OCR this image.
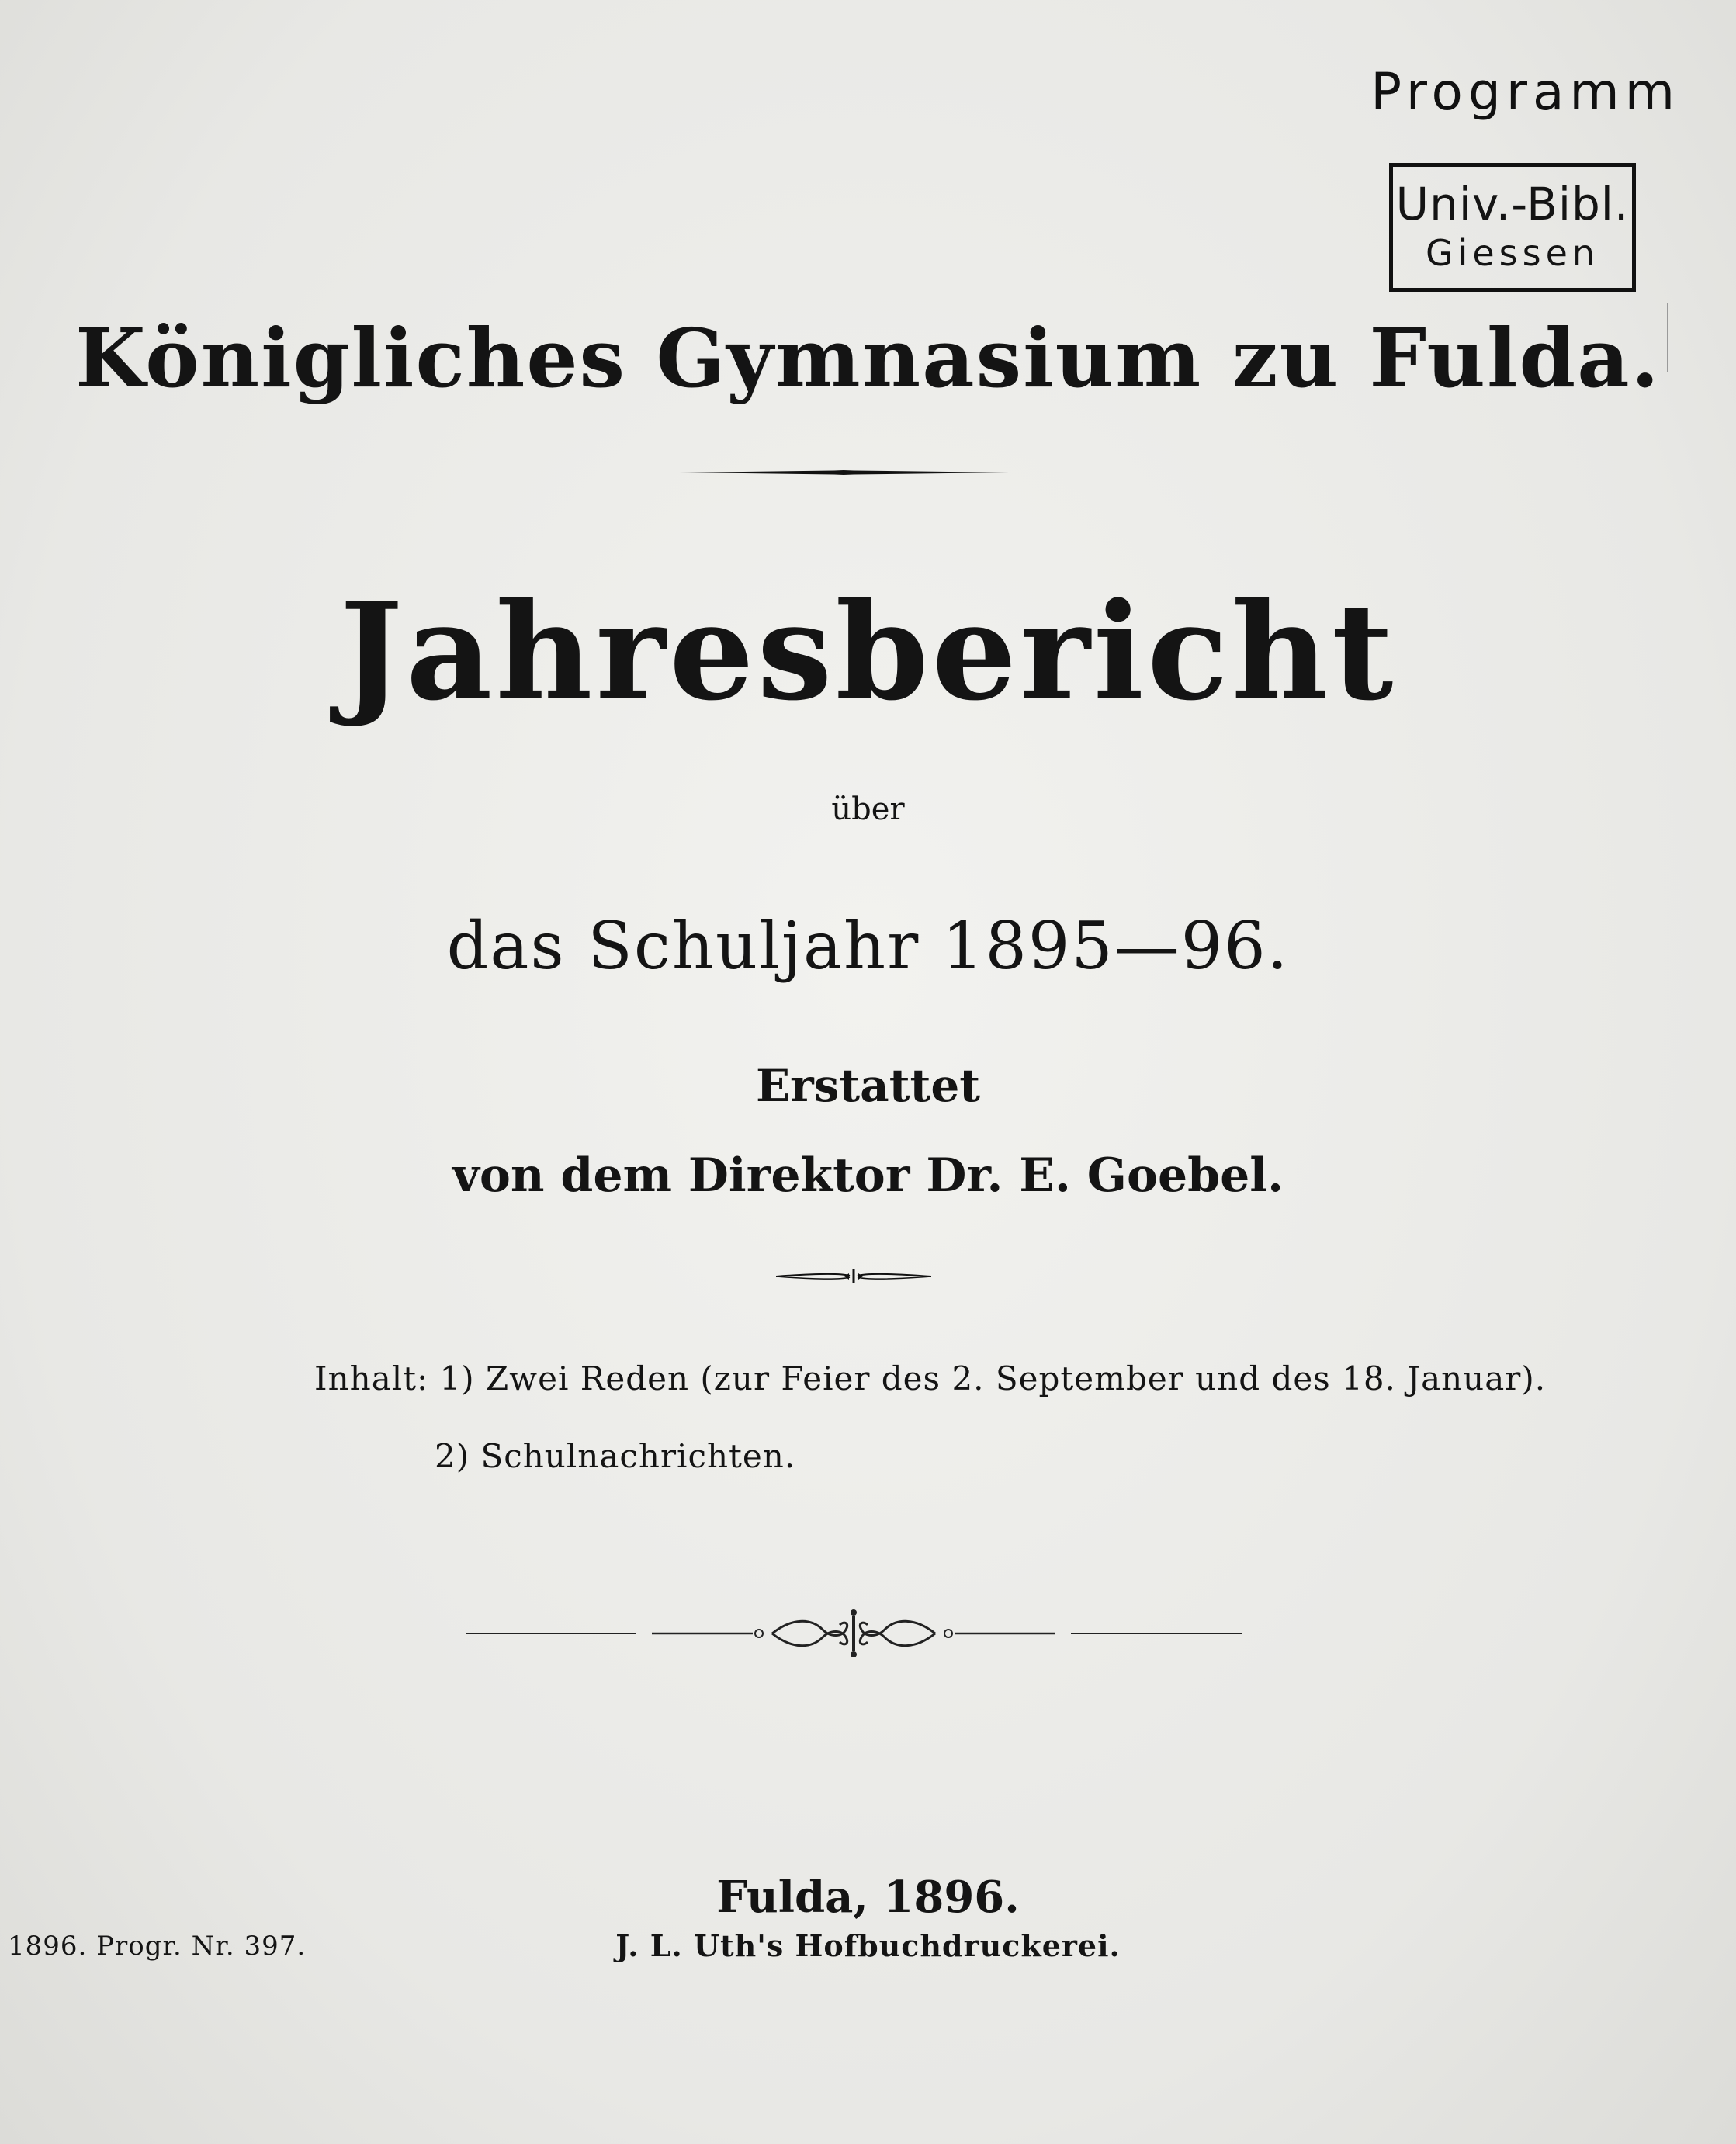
Programm
Univ.-Bibl.
Giessen
Königliches Gymnasium zu Fulda.
Jahresbericht
über
das Schuljahr 1895—96.
Erstattet
von dem Direktor Dr. E. Goebel.
Inhalt: 1) Zwei Reden (zur Feier des 2. September und des 18. Januar).
2) Schulnachrichten.
Fulda, 1896.
J. L. Uth's Hofbuchdruckerei.
1896. Progr. Nr. 397.
